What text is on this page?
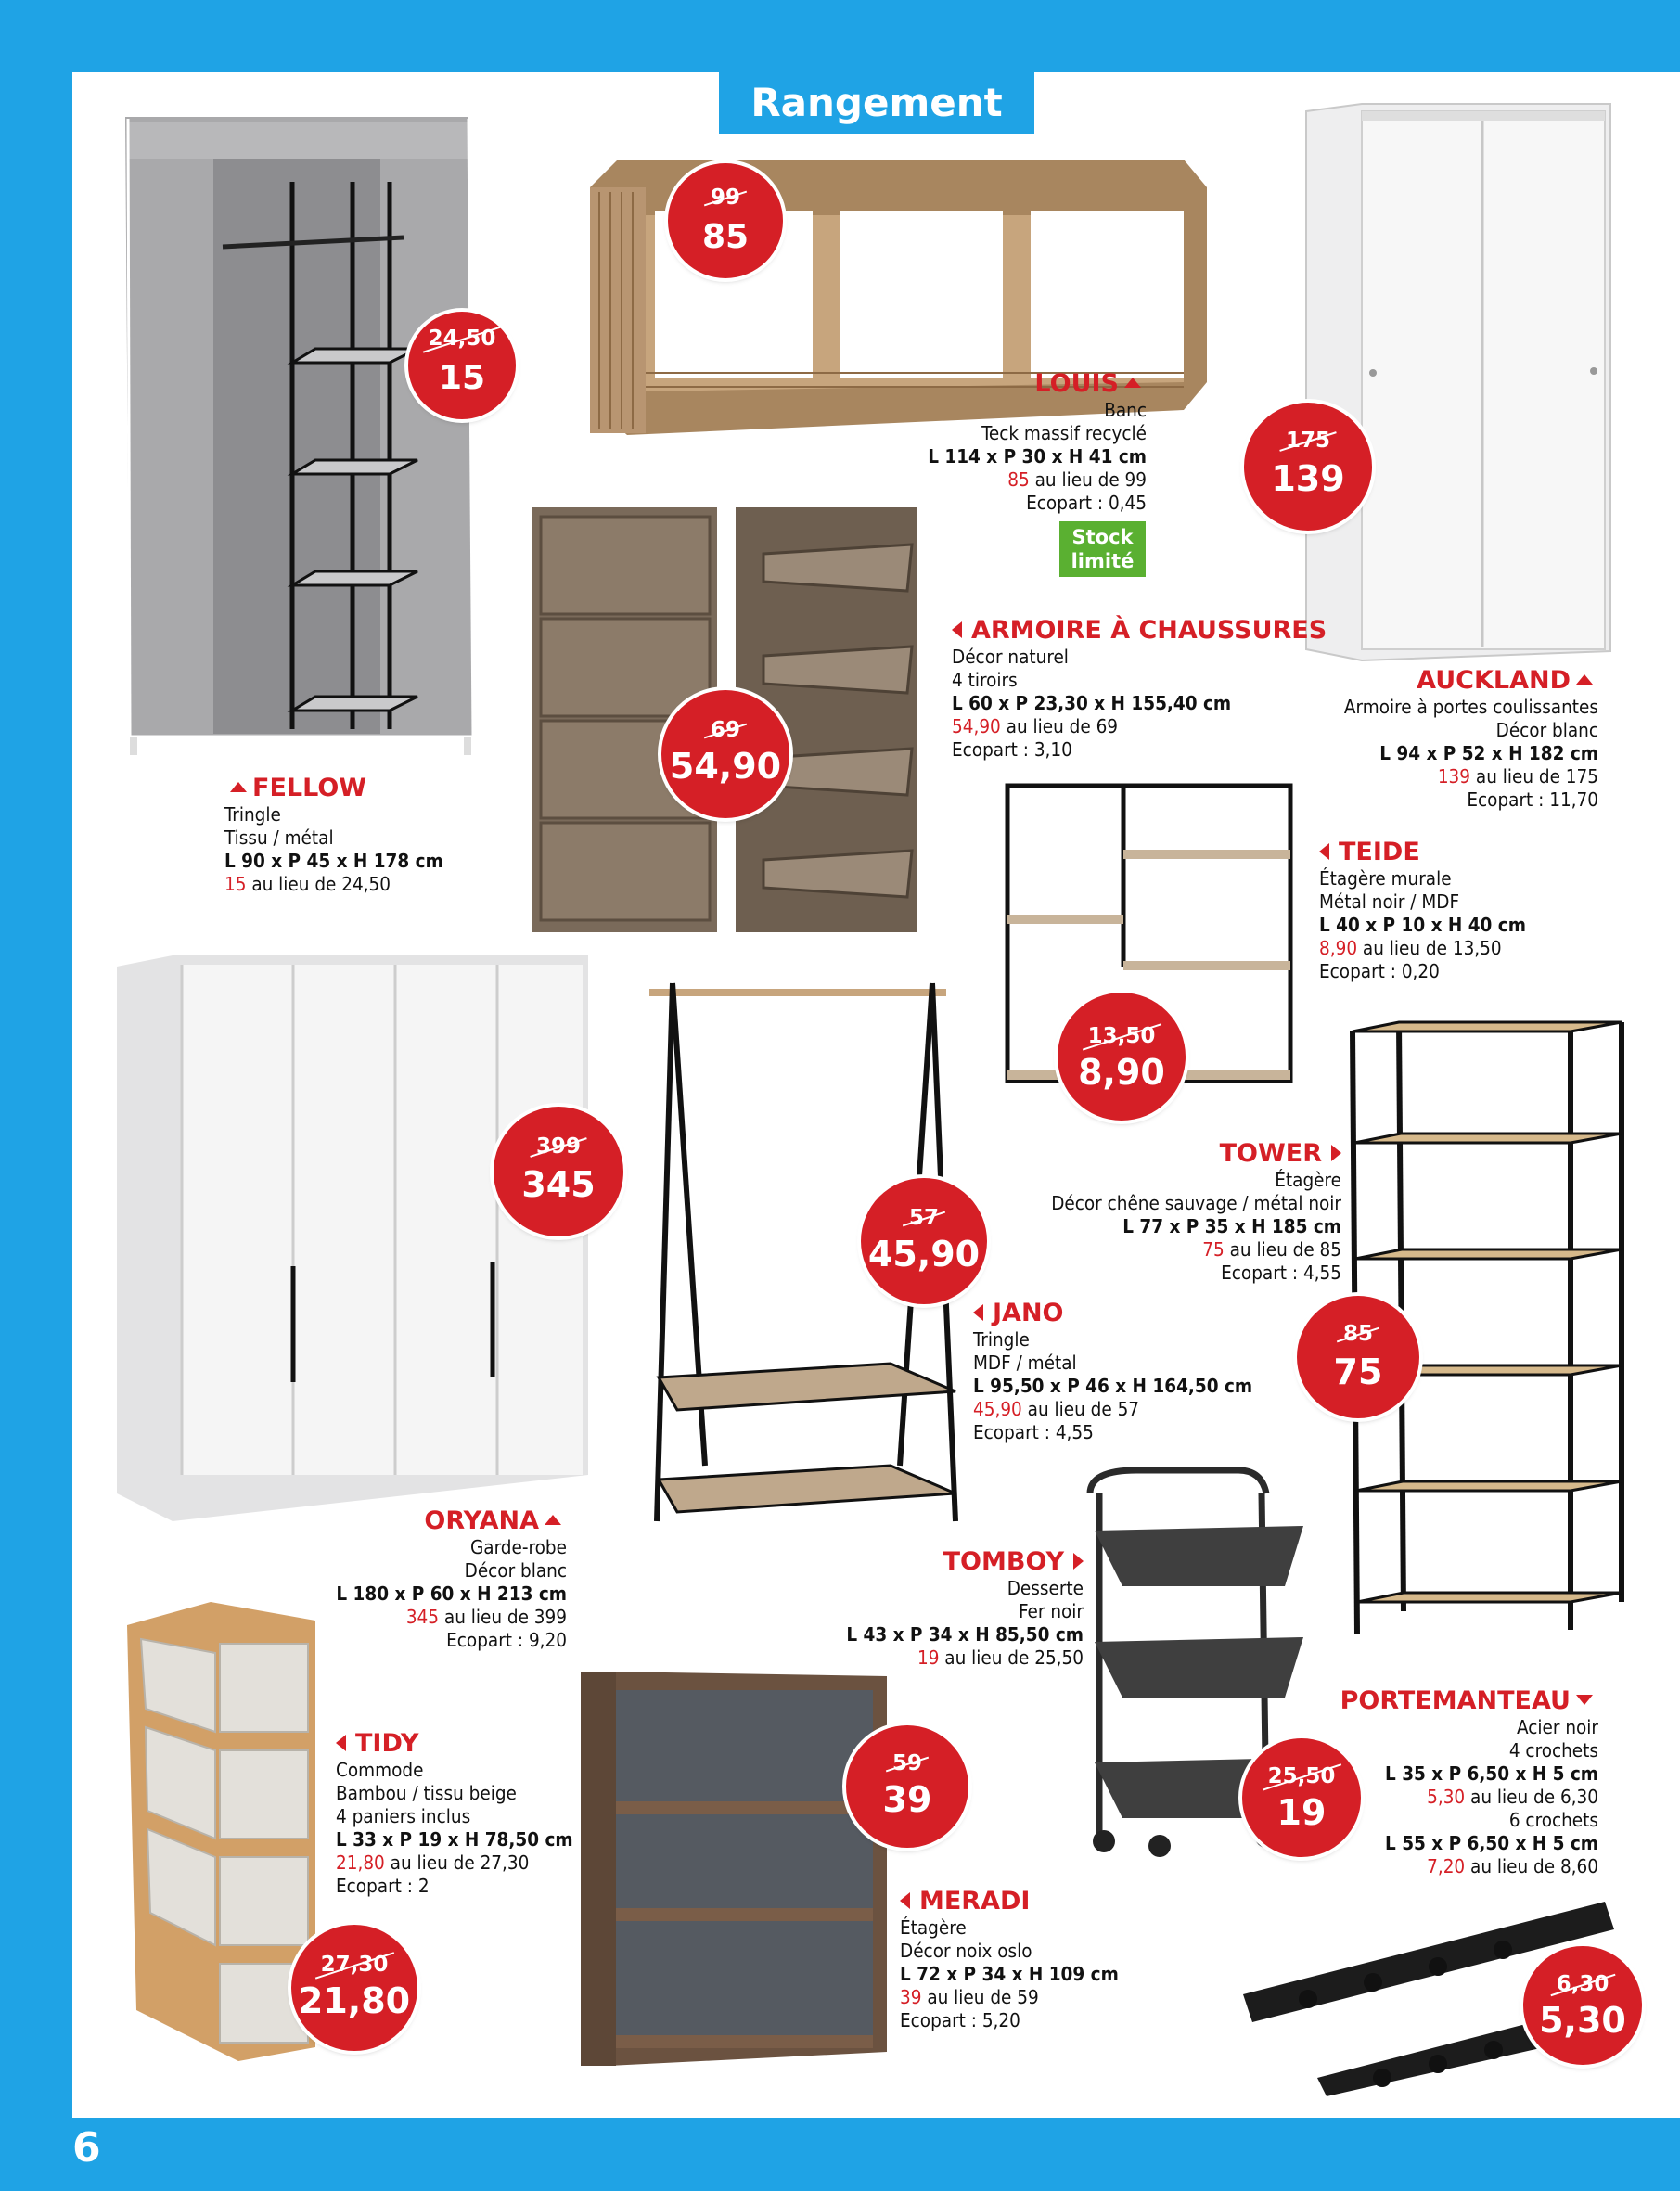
Rangement
6
FELLOW
Tringle
Tissu / métal
L 90 x P 45 x H 178 cm
15 au lieu de 24,50
LOUIS
Banc
Teck massif recyclé
L 114 x P 30 x H 41 cm
85 au lieu de 99
Ecopart : 0,45
Stock
limité
AUCKLAND
Armoire à portes coulissantes
Décor blanc
L 94 x P 52 x H 182 cm
139 au lieu de 175
Ecopart : 11,70
ARMOIRE À CHAUSSURES
Décor naturel
4 tiroirs
L 60 x P 23,30 x H 155,40 cm
54,90 au lieu de 69
Ecopart : 3,10
TEIDE
Étagère murale
Métal noir / MDF
L 40 x P 10 x H 40 cm
8,90 au lieu de 13,50
Ecopart : 0,20
ORYANA
Garde-robe
Décor blanc
L 180 x P 60 x H 213 cm
345 au lieu de 399
Ecopart : 9,20
TOWER
Étagère
Décor chêne sauvage / métal noir
L 77 x P 35 x H 185 cm
75 au lieu de 85
Ecopart : 4,55
JANO
Tringle
MDF / métal
L 95,50 x P 46 x H 164,50 cm
45,90 au lieu de 57
Ecopart : 4,55
TOMBOY
Desserte
Fer noir
L 43 x P 34 x H 85,50 cm
19 au lieu de 25,50
TIDY
Commode
Bambou / tissu beige
4 paniers inclus
L 33 x P 19 x H 78,50 cm
21,80 au lieu de 27,30
Ecopart : 2
MERADI
Étagère
Décor noix oslo
L 72 x P 34 x H 109 cm
39 au lieu de 59
Ecopart : 5,20
PORTEMANTEAU
Acier noir
4 crochets
L 35 x P 6,50 x H 5 cm
5,30 au lieu de 6,30
6 crochets
L 55 x P 6,50 x H 5 cm
7,20 au lieu de 8,60
24,50
15
99
85
175
139
69
54,90
13,50
8,90
399
345
57
45,90
85
75
25,50
19
59
39
27,30
21,80	6,30
5,30
